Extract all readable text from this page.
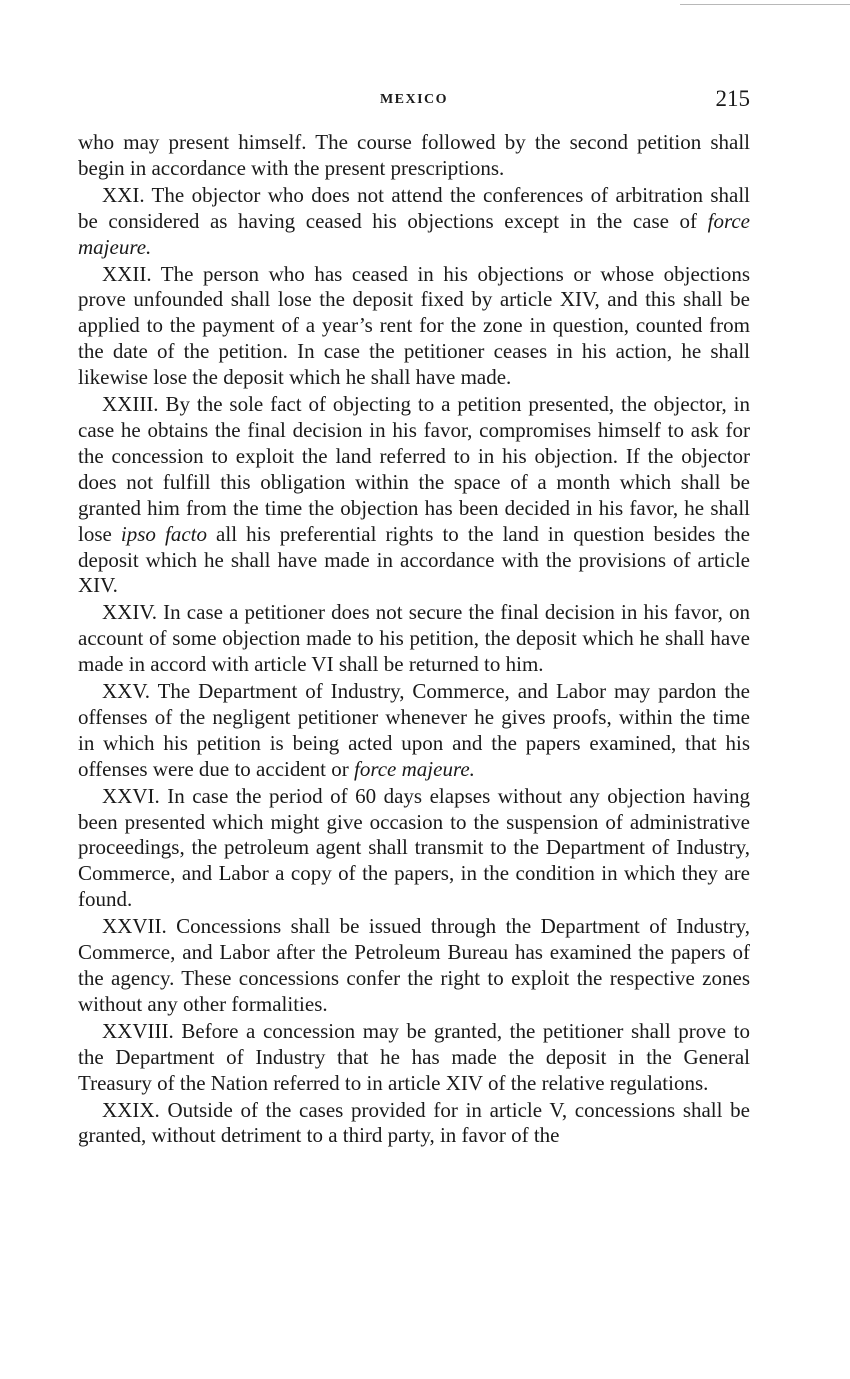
MEXICO	215

who may present himself. The course followed by the second petition shall begin in accordance with the present prescriptions.

XXI. The objector who does not attend the conferences of arbitration shall be considered as having ceased his objections except in the case of force majeure.

XXII. The person who has ceased in his objections or whose objections prove unfounded shall lose the deposit fixed by article XIV, and this shall be applied to the payment of a year’s rent for the zone in question, counted from the date of the petition. In case the petitioner ceases in his action, he shall likewise lose the deposit which he shall have made.

XXIII. By the sole fact of objecting to a petition presented, the objector, in case he obtains the final decision in his favor, compromises himself to ask for the concession to exploit the land referred to in his objection. If the objector does not fulfill this obligation within the space of a month which shall be granted him from the time the objection has been decided in his favor, he shall lose ipso facto all his preferential rights to the land in question besides the deposit which he shall have made in accordance with the provisions of article XIV.

XXIV. In case a petitioner does not secure the final decision in his favor, on account of some objection made to his petition, the deposit which he shall have made in accord with article VI shall be returned to him.

XXV. The Department of Industry, Commerce, and Labor may pardon the offenses of the negligent petitioner whenever he gives proofs, within the time in which his petition is being acted upon and the papers examined, that his offenses were due to accident or force majeure.

XXVI. In case the period of 60 days elapses without any objection having been presented which might give occasion to the suspension of administrative proceedings, the petroleum agent shall transmit to the Department of Industry, Commerce, and Labor a copy of the papers, in the condition in which they are found.

XXVII. Concessions shall be issued through the Department of Industry, Commerce, and Labor after the Petroleum Bureau has examined the papers of the agency. These concessions confer the right to exploit the respective zones without any other formalities.

XXVIII. Before a concession may be granted, the petitioner shall prove to the Department of Industry that he has made the deposit in the General Treasury of the Nation referred to in article XIV of the relative regulations.

XXIX. Outside of the cases provided for in article V, concessions shall be granted, without detriment to a third party, in favor of the
